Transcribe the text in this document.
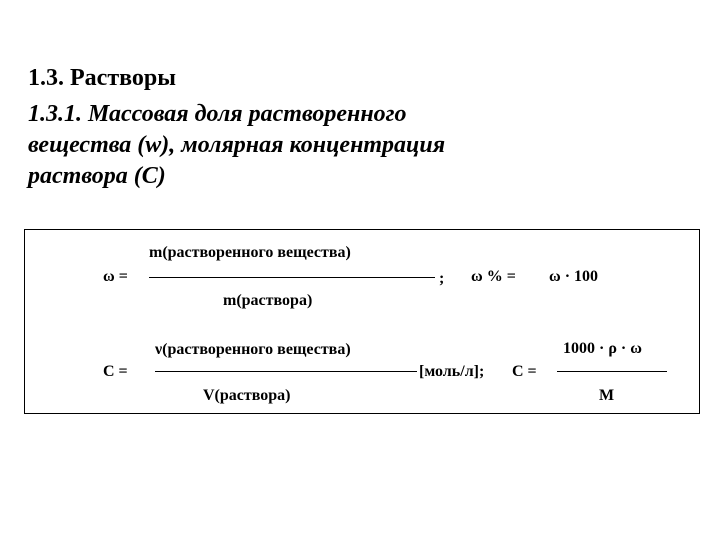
1.3. Растворы
1.3.1. Массовая доля растворенного
вещества (w), молярная концентрация
раствора (С)
ω =
m(растворенного вещества)
m(раствора)
; ω % = ω · 100
С =
ν(растворенного вещества)
V(раствора)
[моль/л]; С =
1000 · ρ · ω
M
